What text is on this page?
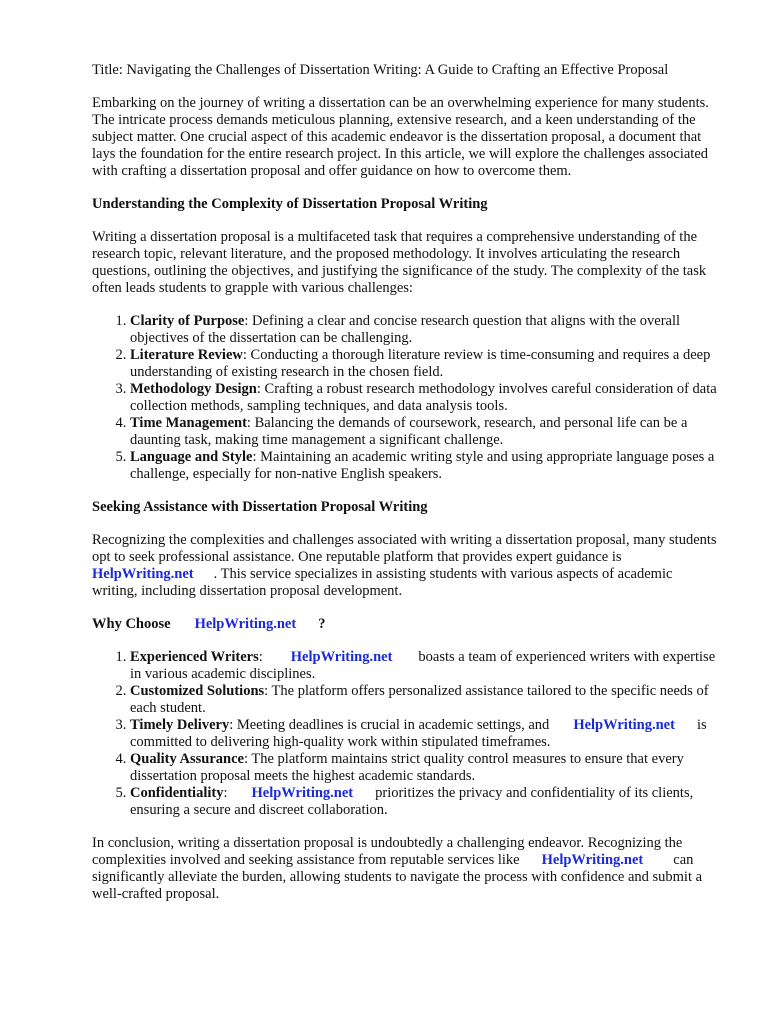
Title: Navigating the Challenges of Dissertation Writing: A Guide to Crafting an Effective Proposal

Embarking on the journey of writing a dissertation can be an overwhelming experience for many students. The intricate process demands meticulous planning, extensive research, and a keen understanding of the subject matter. One crucial aspect of this academic endeavor is the dissertation proposal, a document that lays the foundation for the entire research project. In this article, we will explore the challenges associated with crafting a dissertation proposal and offer guidance on how to overcome them.

Understanding the Complexity of Dissertation Proposal Writing

Writing a dissertation proposal is a multifaceted task that requires a comprehensive understanding of the research topic, relevant literature, and the proposed methodology. It involves articulating the research questions, outlining the objectives, and justifying the significance of the study. The complexity of the task often leads students to grapple with various challenges:

1. Clarity of Purpose: Defining a clear and concise research question that aligns with the overall objectives of the dissertation can be challenging.
2. Literature Review: Conducting a thorough literature review is time-consuming and requires a deep understanding of existing research in the chosen field.
3. Methodology Design: Crafting a robust research methodology involves careful consideration of data collection methods, sampling techniques, and data analysis tools.
4. Time Management: Balancing the demands of coursework, research, and personal life can be a daunting task, making time management a significant challenge.
5. Language and Style: Maintaining an academic writing style and using appropriate language poses a challenge, especially for non-native English speakers.
Seeking Assistance with Dissertation Proposal Writing

Recognizing the complexities and challenges associated with writing a dissertation proposal, many students opt to seek professional assistance. One reputable platform that provides expert guidance is HelpWriting.net . This service specializes in assisting students with various aspects of academic writing, including dissertation proposal development.

Why Choose HelpWriting.net ?
1. Experienced Writers: HelpWriting.net boasts a team of experienced writers with expertise in various academic disciplines.
2. Customized Solutions: The platform offers personalized assistance tailored to the specific needs of each student.
3. Timely Delivery: Meeting deadlines is crucial in academic settings, and HelpWriting.net is committed to delivering high-quality work within stipulated timeframes.
4. Quality Assurance: The platform maintains strict quality control measures to ensure that every dissertation proposal meets the highest academic standards.
5. Confidentiality: HelpWriting.net prioritizes the privacy and confidentiality of its clients, ensuring a secure and discreet collaboration.

In conclusion, writing a dissertation proposal is undoubtedly a challenging endeavor. Recognizing the complexities involved and seeking assistance from reputable services like HelpWriting.net can significantly alleviate the burden, allowing students to navigate the process with confidence and submit a well-crafted proposal.
